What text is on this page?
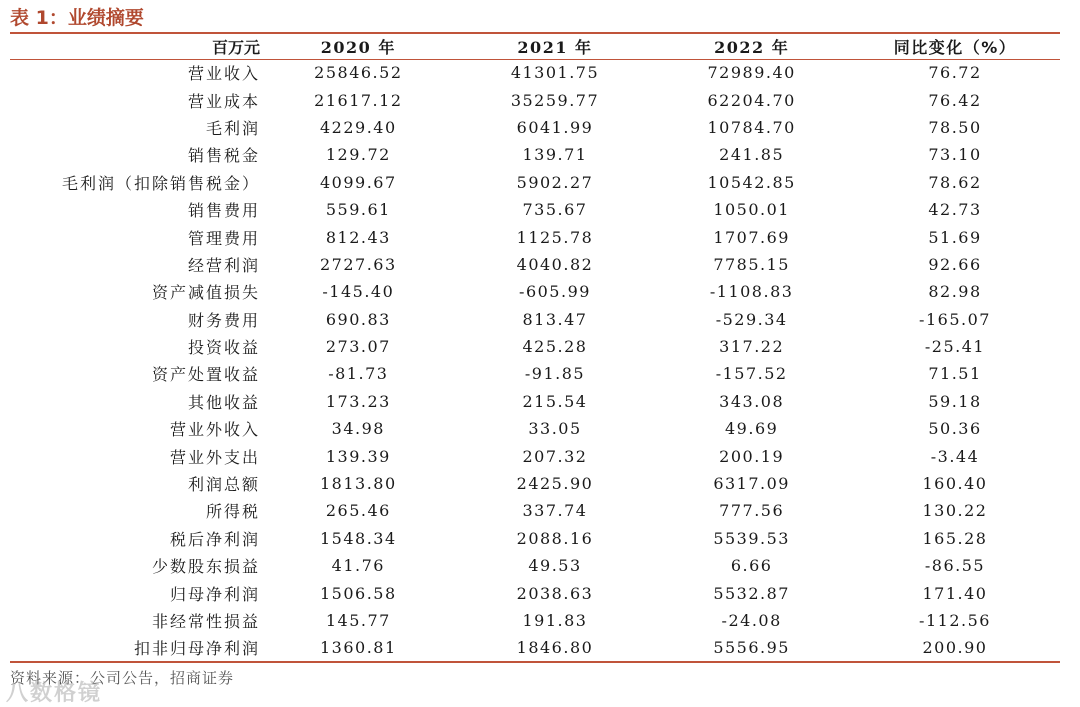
表 1：业绩摘要
百万元	2020 年	2021 年	2022 年	同比变化（%）
营业收入	25846.52	41301.75	72989.40	76.72
营业成本	21617.12	35259.77	62204.70	76.42
毛利润	4229.40	6041.99	10784.70	78.50
销售税金	129.72	139.71	241.85	73.10
毛利润（扣除销售税金）	4099.67	5902.27	10542.85	78.62
销售费用	559.61	735.67	1050.01	42.73
管理费用	812.43	1125.78	1707.69	51.69
经营利润	2727.63	4040.82	7785.15	92.66
资产减值损失	-145.40	-605.99	-1108.83	82.98
财务费用	690.83	813.47	-529.34	-165.07
投资收益	273.07	425.28	317.22	-25.41
资产处置收益	-81.73	-91.85	-157.52	71.51
其他收益	173.23	215.54	343.08	59.18
营业外收入	34.98	33.05	49.69	50.36
营业外支出	139.39	207.32	200.19	-3.44
利润总额	1813.80	2425.90	6317.09	160.40
所得税	265.46	337.74	777.56	130.22
税后净利润	1548.34	2088.16	5539.53	165.28
少数股东损益	41.76	49.53	6.66	-86.55
归母净利润	1506.58	2038.63	5532.87	171.40
非经常性损益	145.77	191.83	-24.08	-112.56
扣非归母净利润	1360.81	1846.80	5556.95	200.90
资料来源：公司公告，招商证券
八数格镜
